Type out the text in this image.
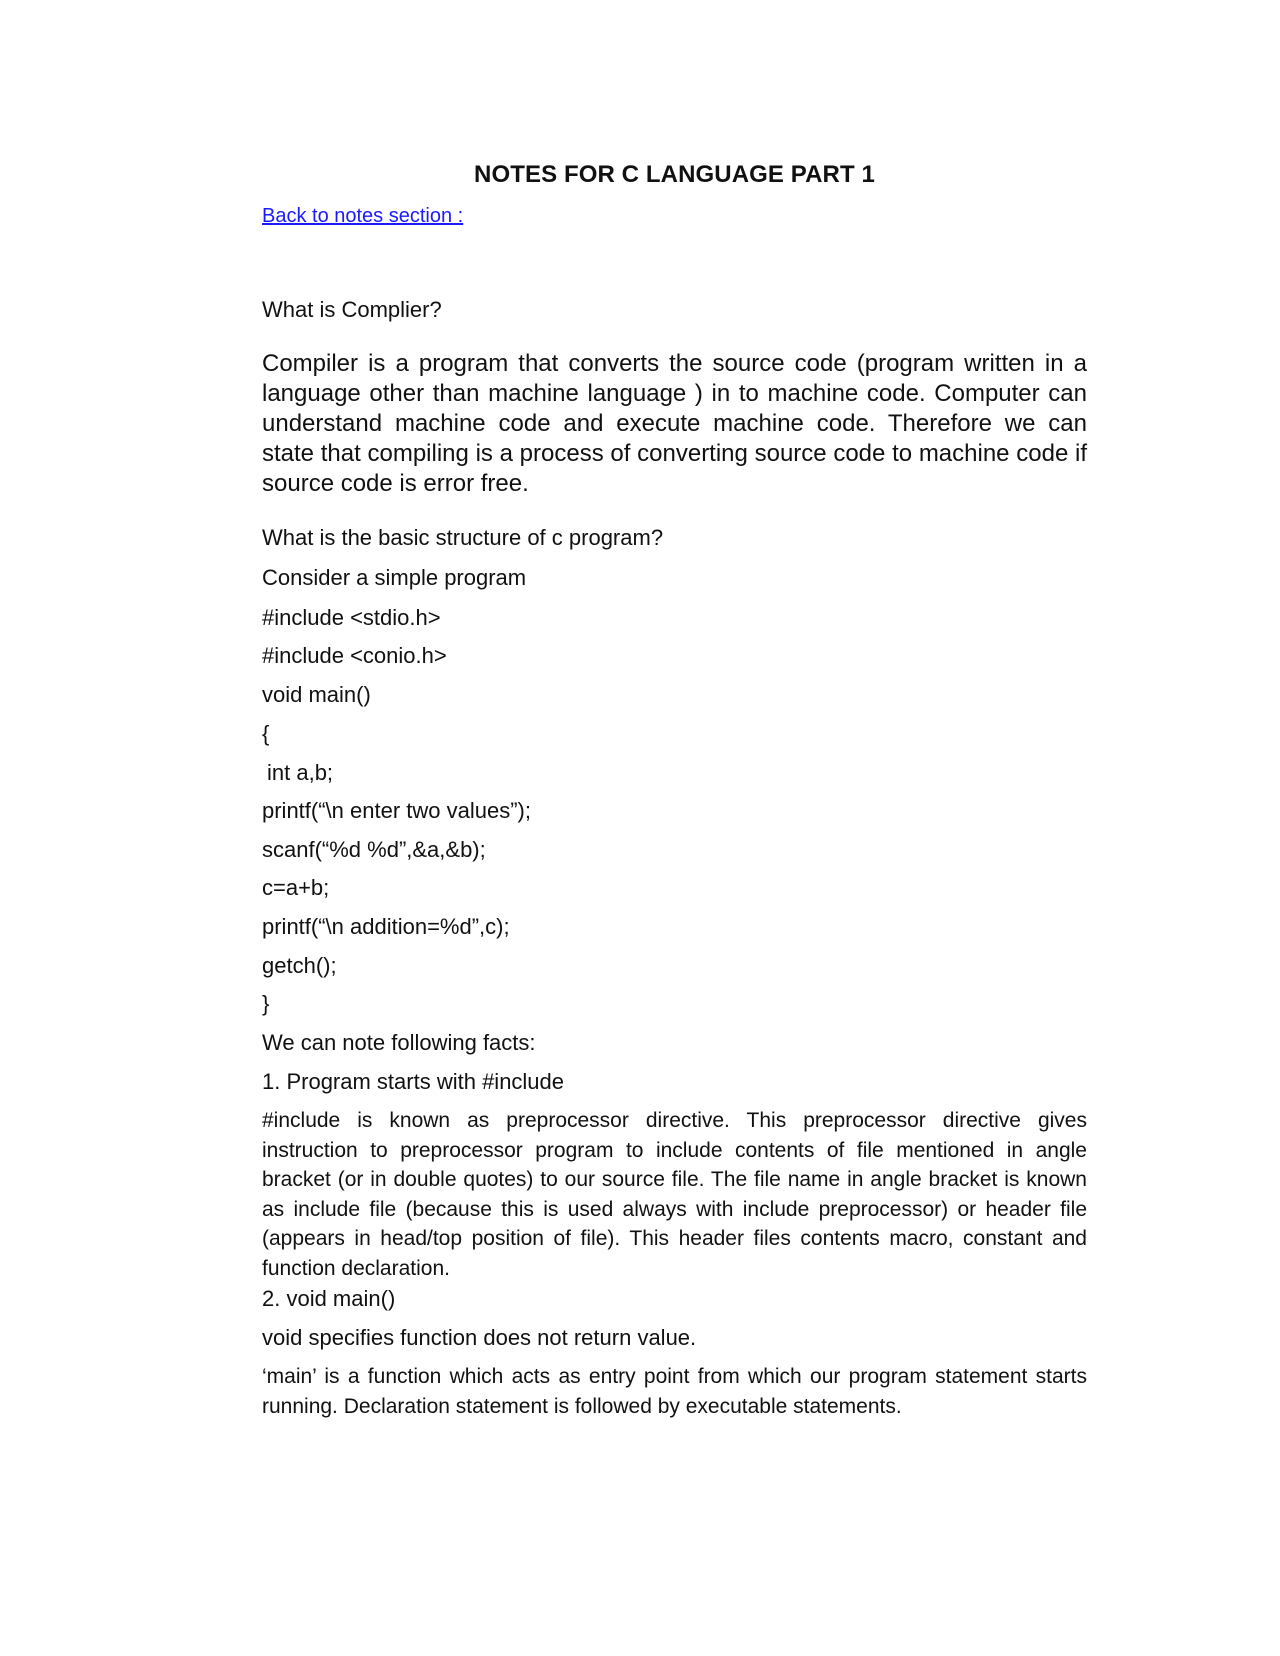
NOTES FOR C LANGUAGE PART 1
Back to notes section :
What is Complier?
Compiler is a program that converts the source code (program written in a language other than machine language ) in to machine code. Computer can understand machine code and execute machine code. Therefore we can state that compiling is a process of converting source code to machine code if source code is error free.
What is the basic structure of c program?
Consider a simple program
#include <stdio.h>
#include <conio.h>
void main()
{
int a,b;
printf(“\n enter two values”);
scanf(“%d %d”,&a,&b);
c=a+b;
printf(“\n addition=%d”,c);
getch();
}
We can note following facts:
1. Program starts with #include
#include is known as preprocessor directive. This preprocessor directive gives instruction to preprocessor program to include contents of file mentioned in angle bracket (or in double quotes) to our source file. The file name in angle bracket is known as include file (because this is used always with include preprocessor) or header file (appears in head/top position of file). This header files contents macro, constant and function declaration.
2. void main()
void specifies function does not return value.
‘main’ is a function which acts as entry point from which our program statement starts running. Declaration statement is followed by executable statements.
